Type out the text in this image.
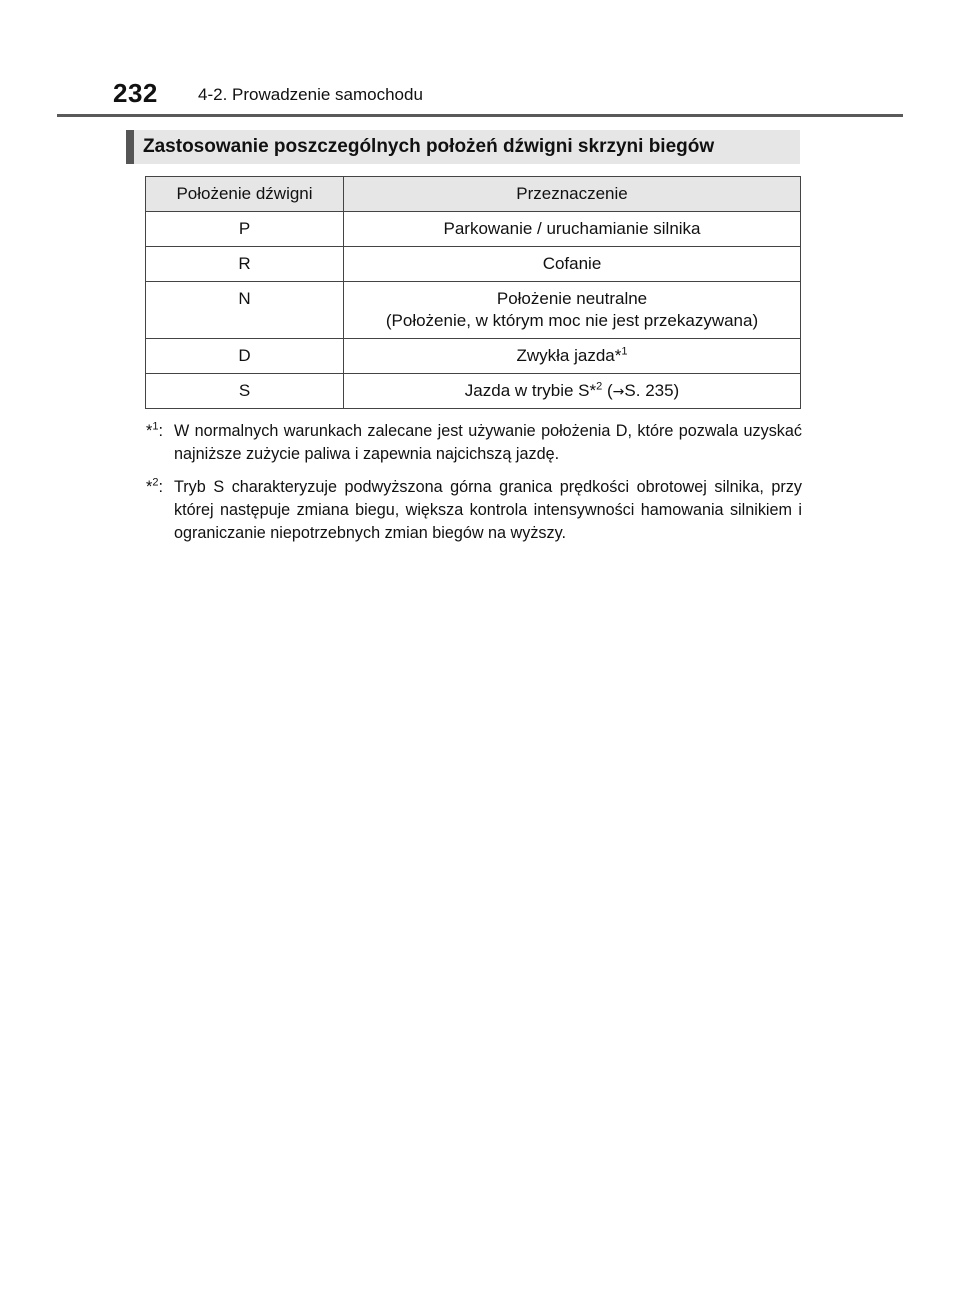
232 4-2. Prowadzenie samochodu
Zastosowanie poszczególnych położeń dźwigni skrzyni biegów
Położenie dźwigni	Przeznaczenie
P	Parkowanie / uruchamianie silnika
R	Cofanie
N	Położenie neutralne
(Położenie, w którym moc nie jest przekazywana)

D	Zwykła jazda*$^1$
S	Jazda w trybie S*$^2$ (→S. 235)
*$^1$: W normalnych warunkach zalecane jest używanie położenia D, które pozwala uzyskać najniższe zużycie paliwa i zapewnia najcichszą jazdę.
*$^2$: Tryb S charakteryzuje podwyższona górna granica prędkości obrotowej silnika, przy której następuje zmiana biegu, większa kontrola intensywności hamowania silnikiem i ograniczanie niepotrzebnych zmian biegów na wyższy.
